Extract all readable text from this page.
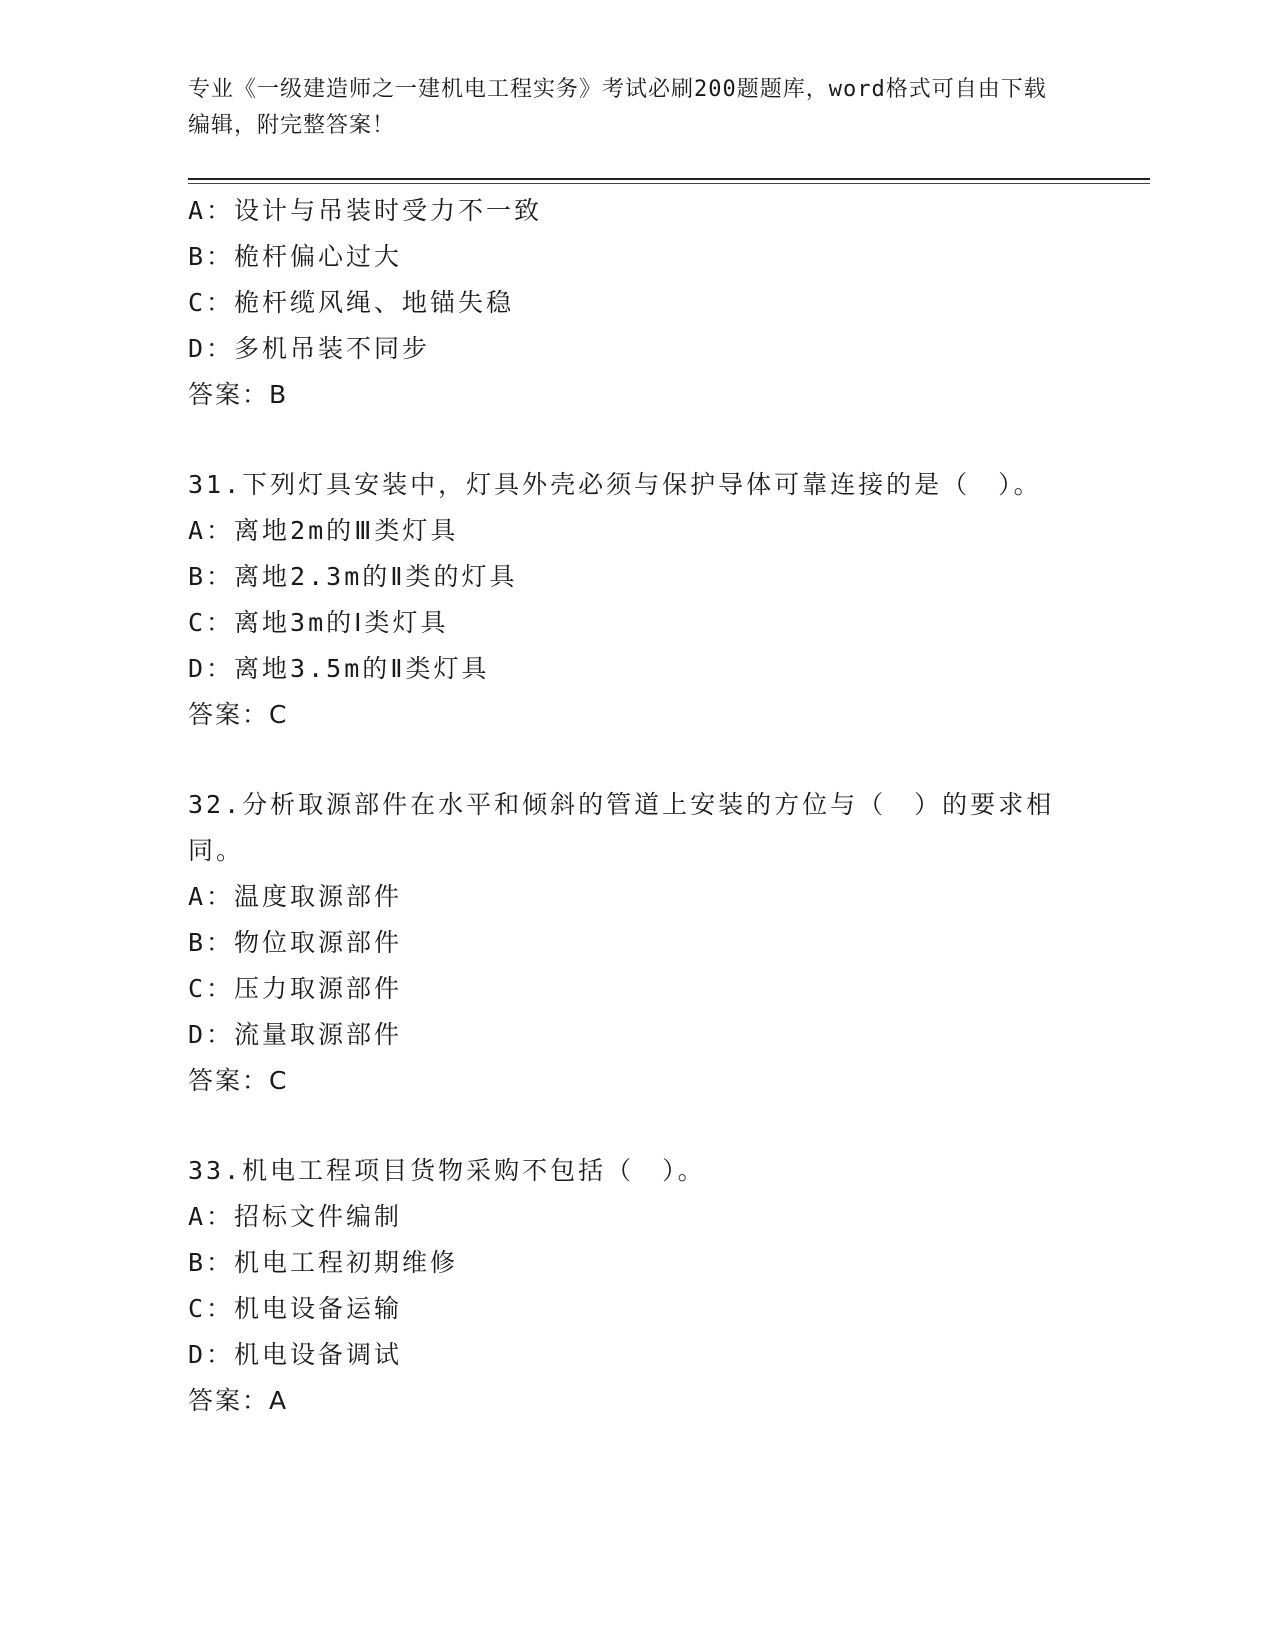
专业《一级建造师之一建机电工程实务》考试必刷200题题库，word格式可自由下载编辑，附完整答案！
A：设计与吊装时受力不一致
B：桅杆偏心过大
C：桅杆缆风绳、地锚失稳
D：多机吊装不同步
答案：B
31.下列灯具安装中，灯具外壳必须与保护导体可靠连接的是（　）。
A：离地2m的Ⅲ类灯具
B：离地2.3m的Ⅱ类的灯具
C：离地3m的Ⅰ类灯具
D：离地3.5m的Ⅱ类灯具
答案：C
32.分析取源部件在水平和倾斜的管道上安装的方位与（　）的要求相同。
A：温度取源部件
B：物位取源部件
C：压力取源部件
D：流量取源部件
答案：C
33.机电工程项目货物采购不包括（　）。
A：招标文件编制
B：机电工程初期维修
C：机电设备运输
D：机电设备调试
答案：A
